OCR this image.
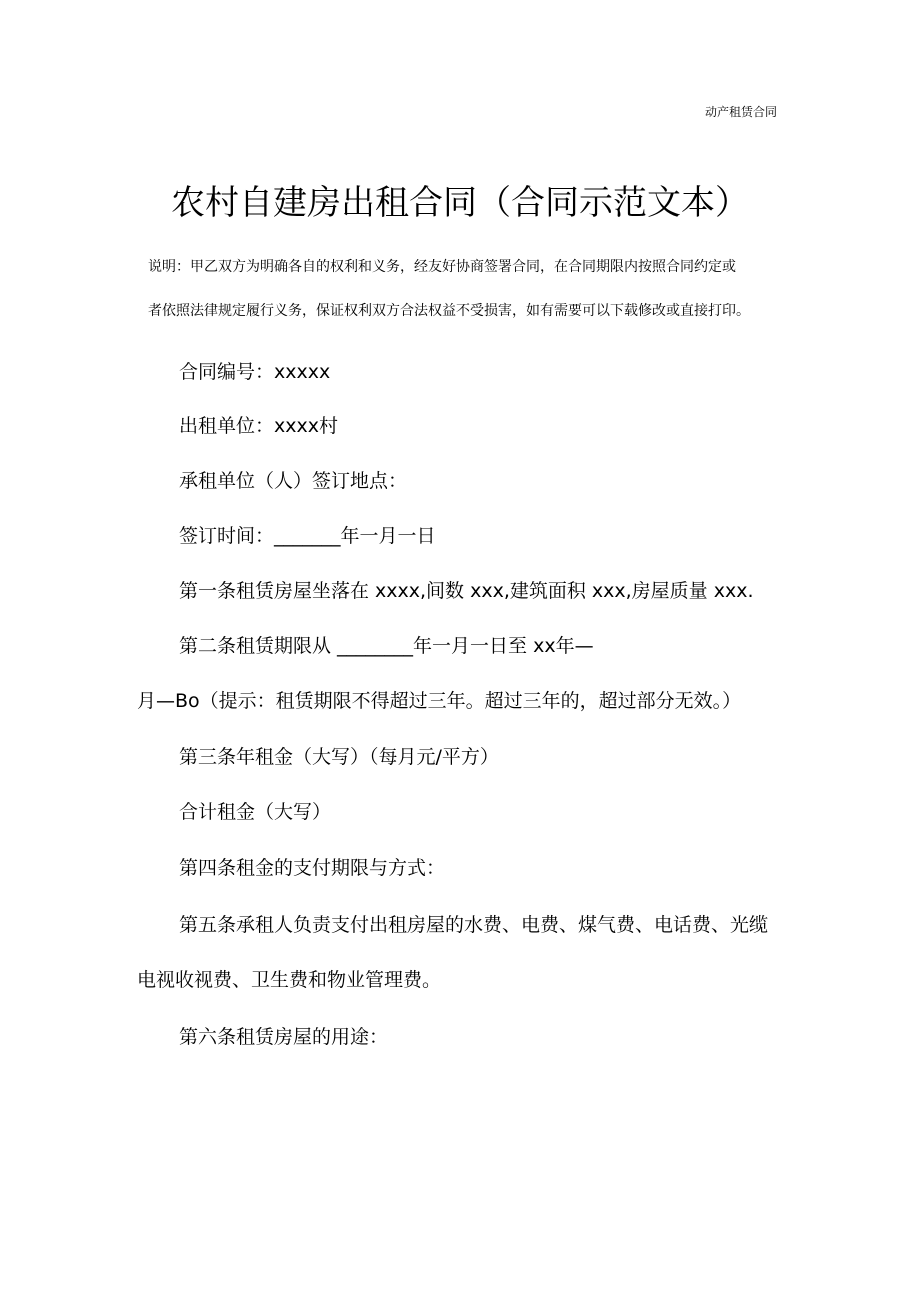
动产租赁合同
农村自建房出租合同（合同示范文本）
说明：甲乙双方为明确各自的权利和义务，经友好协商签署合同，在合同期限内按照合同约定或
者依照法律规定履行义务，保证权利双方合法权益不受损害，如有需要可以下载修改或直接打印。
合同编号：xxxxx
出租单位：xxxx村
承租单位（人）签订地点：
签订时间：_______年一月一日
第一条租赁房屋坐落在 xxxx,间数 xxx,建筑面积 xxx,房屋质量 xxx.
第二条租赁期限从 ________年一月一日至 xx年—
月—Bo（提示：租赁期限不得超过三年。超过三年的，超过部分无效。）
第三条年租金（大写）（每月元/平方）
合计租金（大写）
第四条租金的支付期限与方式：
第五条承租人负责支付出租房屋的水费、电费、煤气费、电话费、光缆
电视收视费、卫生费和物业管理费。
第六条租赁房屋的用途：
